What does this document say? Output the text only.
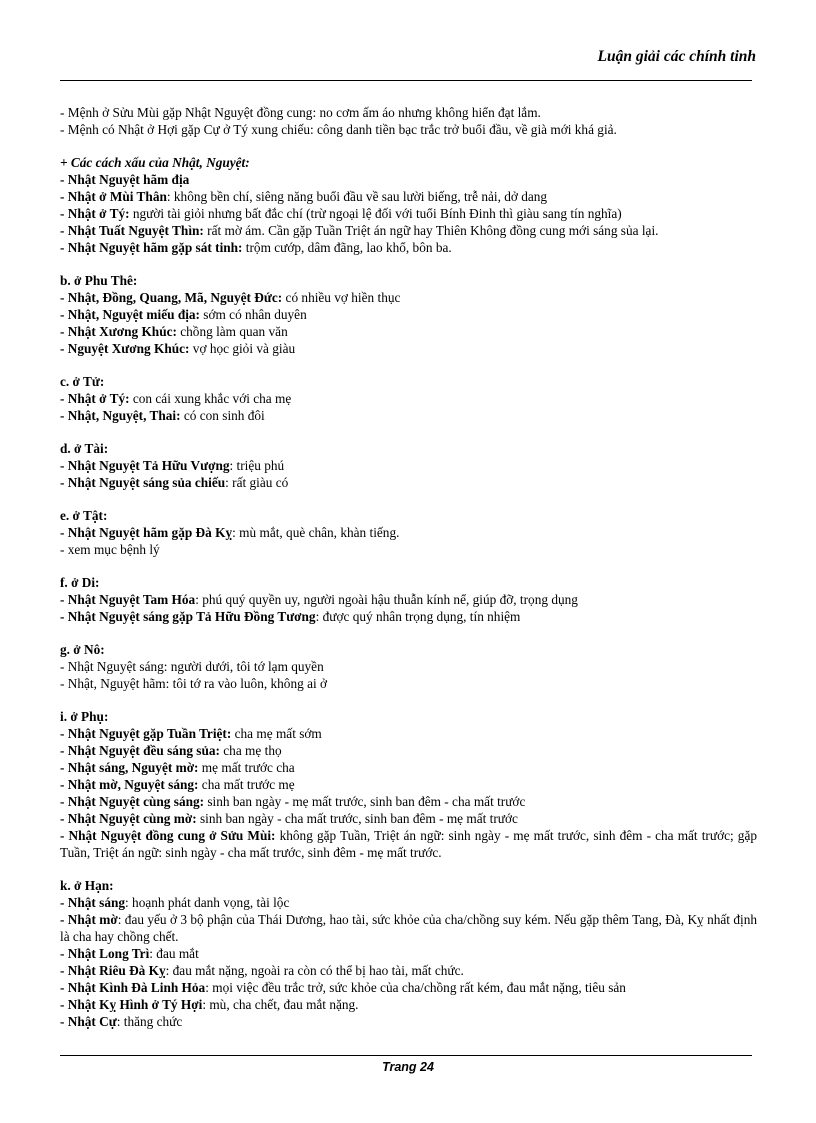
Luận giải các chính tinh
- Mệnh ở Sửu Mùi gặp Nhật Nguyệt đồng cung: no cơm ấm áo nhưng không hiển đạt lắm.
- Mệnh có Nhật ở Hợi gặp Cự ở Tý xung chiếu: công danh tiền bạc trắc trở buổi đầu, về già mới khá giả.
+ Các cách xấu của Nhật, Nguyệt:
- Nhật Nguyệt hãm địa
- Nhật ở Mùi Thân: không bền chí, siêng năng buổi đầu về sau lười biếng, trễ nải, dở dang
- Nhật ở Tý: người tài giỏi nhưng bất đắc chí (trừ ngoại lệ đối với tuổi Bính Đinh thì giàu sang tín nghĩa)
- Nhật Tuất Nguyệt Thìn: rất mờ ám. Cần gặp Tuần Triệt án ngữ hay Thiên Không đồng cung mới sáng sủa lại.
- Nhật Nguyệt hãm gặp sát tinh: trộm cướp, dâm đãng, lao khổ, bôn ba.
b. ở Phu Thê:
- Nhật, Đồng, Quang, Mã, Nguyệt Đức: có nhiều vợ hiền thục
- Nhật, Nguyệt miếu địa: sớm có nhân duyên
- Nhật Xương Khúc: chồng làm quan văn
- Nguyệt Xương Khúc: vợ học giỏi và giàu
c. ở Tử:
- Nhật ở Tý: con cái xung khắc với cha mẹ
- Nhật, Nguyệt, Thai: có con sinh đôi
d. ở Tài:
- Nhật Nguyệt Tả Hữu Vượng: triệu phú
- Nhật Nguyệt sáng sủa chiếu: rất giàu có
e. ở Tật:
- Nhật Nguyệt hãm gặp Đà Kỵ: mù mắt, què chân, khàn tiếng.
- xem mục bệnh lý
f. ở Di:
- Nhật Nguyệt Tam Hóa: phú quý quyền uy, người ngoài hậu thuẫn kính nể, giúp đỡ, trọng dụng
- Nhật Nguyệt sáng gặp Tả Hữu Đồng Tương: được quý nhân trọng dụng, tín nhiệm
g. ở Nô:
- Nhật Nguyệt sáng: người dưới, tôi tớ lạm quyền
- Nhật, Nguyệt hãm: tôi tớ ra vào luôn, không ai ở
i. ở Phụ:
- Nhật Nguyệt gặp Tuần Triệt: cha mẹ mất sớm
- Nhật Nguyệt đều sáng sủa: cha mẹ thọ
- Nhật sáng, Nguyệt mờ: mẹ mất trước cha
- Nhật mờ, Nguyệt sáng: cha mất trước mẹ
- Nhật Nguyệt cùng sáng: sinh ban ngày - mẹ mất trước, sinh ban đêm - cha mất trước
- Nhật Nguyệt cùng mờ: sinh ban ngày - cha mất trước, sinh ban đêm - mẹ mất trước
- Nhật Nguyệt đồng cung ở Sửu Mùi: không gặp Tuần, Triệt án ngữ: sinh ngày - mẹ mất trước, sinh đêm - cha mất trước; gặp Tuần, Triệt án ngữ: sinh ngày - cha mất trước, sinh đêm - mẹ mất trước.
k. ở Hạn:
- Nhật sáng: hoạnh phát danh vọng, tài lộc
- Nhật mờ: đau yếu ở 3 bộ phận của Thái Dương, hao tài, sức khỏe của cha/chồng suy kém. Nếu gặp thêm Tang, Đà, Kỵ nhất định là cha hay chồng chết.
- Nhật Long Trì: đau mắt
- Nhật Riêu Đà Kỵ: đau mắt nặng, ngoài ra còn có thể bị hao tài, mất chức.
- Nhật Kình Đà Linh Hỏa: mọi việc đều trắc trở, sức khỏe của cha/chồng rất kém, đau mắt nặng, tiêu sản
- Nhật Kỵ Hình ở Tý Hợi: mù, cha chết, đau mắt nặng.
- Nhật Cự: thăng chức
Trang 24
